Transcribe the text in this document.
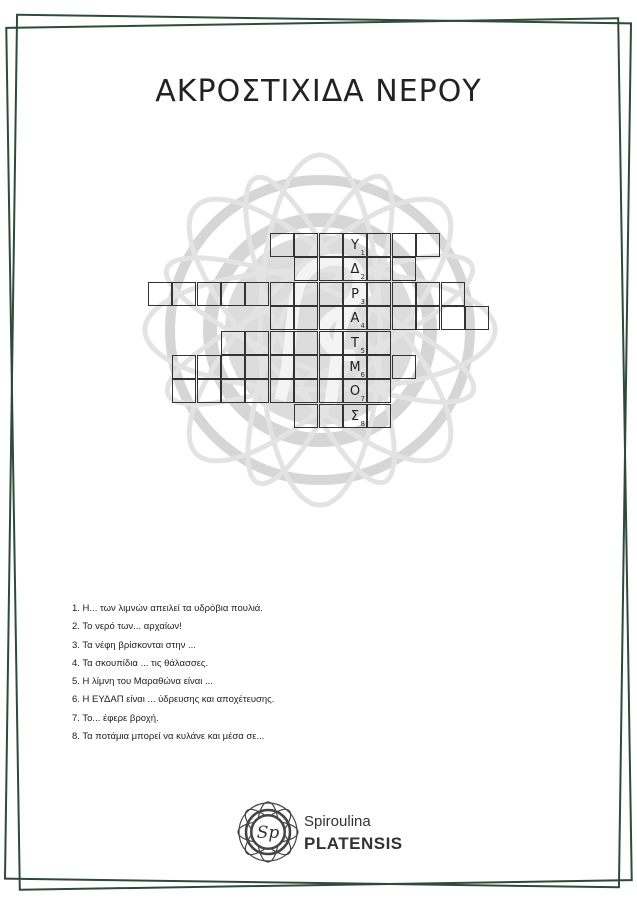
ΑΚΡΟΣΤΙΧΙΔΑ ΝΕΡΟΥ
Υ 1
Δ 2
Ρ 3
Α 4
Τ 5
Μ 6
Ο 7
Σ 8
1. Η... των λιμνών απειλεί τα υδρόβια πουλιά.
2. Το νερό των... αρχαίων!
3. Τα νέφη βρίσκονται στην ...
4. Τα σκουπίδια ... τις θάλασσες.
5. Η λίμνη του Μαραθώνα είναι ...
6. Η ΕΥΔΑΠ είναι ... ύδρευσης και αποχέτευσης.
7. Το... έφερε βροχή.
8. Τα ποτάμια μπορεί να κυλάνε και μέσα σε...
Sp
Spiroulina
PLATENSIS
